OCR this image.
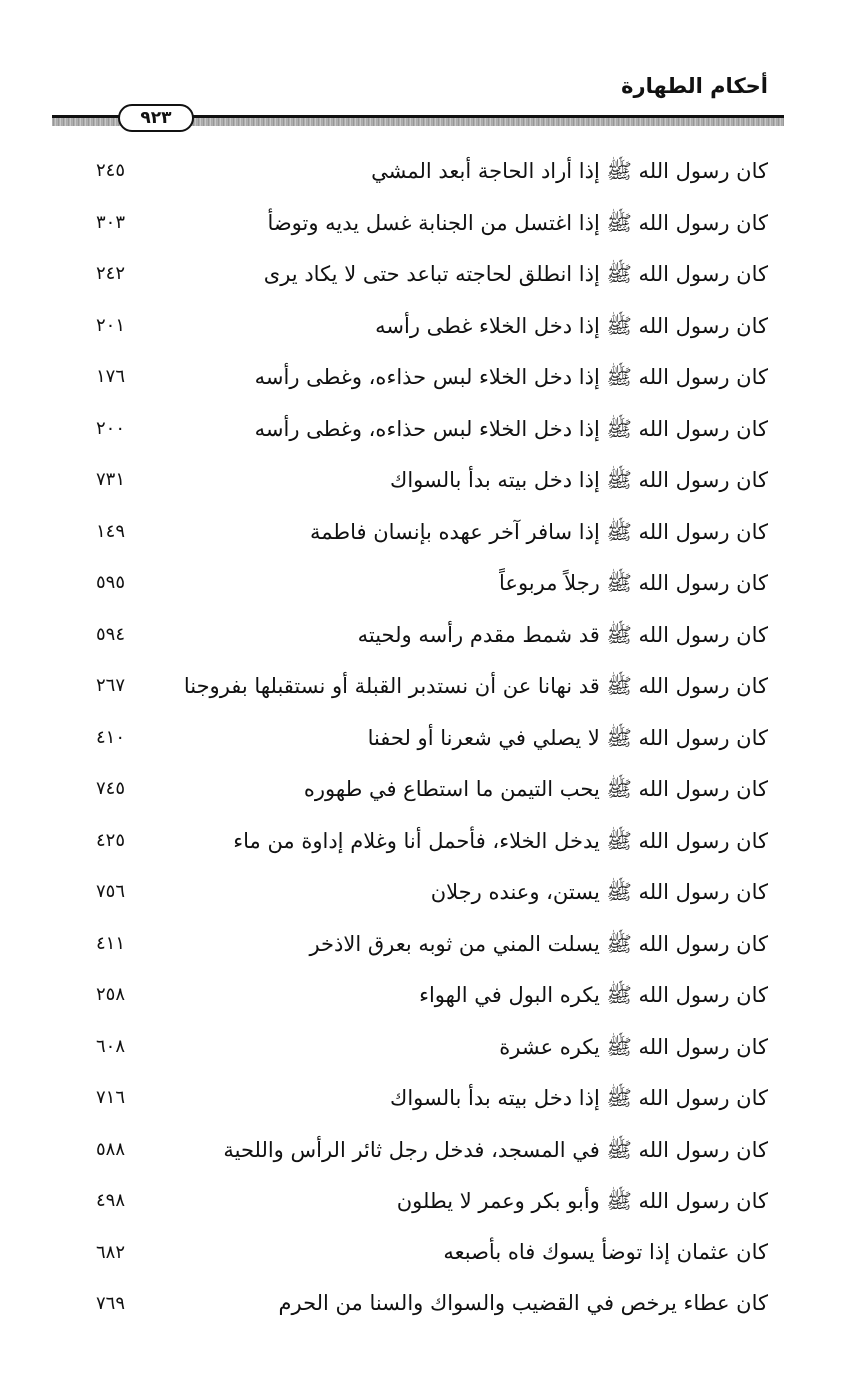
أحكام الطهارة
٩٢٣
كان رسول الله ﷺ إذا أراد الحاجة أبعد المشي
٢٤٥
كان رسول الله ﷺ إذا اغتسل من الجنابة غسل يديه وتوضأ
٣٠٣
كان رسول الله ﷺ إذا انطلق لحاجته تباعد حتى لا يكاد يرى
٢٤٢
كان رسول الله ﷺ إذا دخل الخلاء غطى رأسه
٢٠١
كان رسول الله ﷺ إذا دخل الخلاء لبس حذاءه، وغطى رأسه
١٧٦
كان رسول الله ﷺ إذا دخل الخلاء لبس حذاءه، وغطى رأسه
٢٠٠
كان رسول الله ﷺ إذا دخل بيته بدأ بالسواك
٧٣١
كان رسول الله ﷺ إذا سافر آخر عهده بإنسان فاطمة
١٤٩
كان رسول الله ﷺ رجلاً مربوعاً
٥٩٥
كان رسول الله ﷺ قد شمط مقدم رأسه ولحيته
٥٩٤
كان رسول الله ﷺ قد نهانا عن أن نستدبر القبلة أو نستقبلها بفروجنا
٢٦٧
كان رسول الله ﷺ لا يصلي في شعرنا أو لحفنا
٤١٠
كان رسول الله ﷺ يحب التيمن ما استطاع في طهوره
٧٤٥
كان رسول الله ﷺ يدخل الخلاء، فأحمل أنا وغلام إداوة من ماء
٤٢٥
كان رسول الله ﷺ يستن، وعنده رجلان
٧٥٦
كان رسول الله ﷺ يسلت المني من ثوبه بعرق الاذخر
٤١١
كان رسول الله ﷺ يكره البول في الهواء
٢٥٨
كان رسول الله ﷺ يكره عشرة
٦٠٨
كان رسول الله ﷺ إذا دخل بيته بدأ بالسواك
٧١٦
كان رسول الله ﷺ في المسجد، فدخل رجل ثائر الرأس واللحية
٥٨٨
كان رسول الله ﷺ وأبو بكر وعمر لا يطلون
٤٩٨
كان عثمان إذا توضأ يسوك فاه بأصبعه
٦٨٢
كان عطاء يرخص في القضيب والسواك والسنا من الحرم
٧٦٩
